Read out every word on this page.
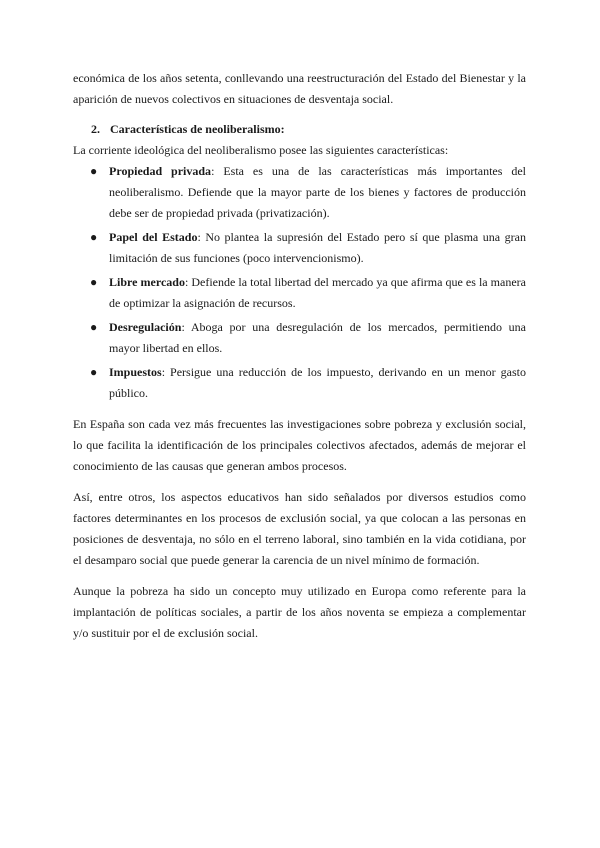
económica de los años setenta, conllevando una reestructuración del Estado del Bienestar y la aparición de nuevos colectivos en situaciones de desventaja social.

2. Características de neoliberalismo:

La corriente ideológica del neoliberalismo posee las siguientes características:

● Propiedad privada: Esta es una de las características más importantes del neoliberalismo. Defiende que la mayor parte de los bienes y factores de producción debe ser de propiedad privada (privatización).
● Papel del Estado: No plantea la supresión del Estado pero sí que plasma una gran limitación de sus funciones (poco intervencionismo).
● Libre mercado: Defiende la total libertad del mercado ya que afirma que es la manera de optimizar la asignación de recursos.
● Desregulación: Aboga por una desregulación de los mercados, permitiendo una mayor libertad en ellos.
● Impuestos: Persigue una reducción de los impuesto, derivando en un menor gasto público.

En España son cada vez más frecuentes las investigaciones sobre pobreza y exclusión social, lo que facilita la identificación de los principales colectivos afectados, además de mejorar el conocimiento de las causas que generan ambos procesos.

Así, entre otros, los aspectos educativos han sido señalados por diversos estudios como factores determinantes en los procesos de exclusión social, ya que colocan a las personas en posiciones de desventaja, no sólo en el terreno laboral, sino también en la vida cotidiana, por el desamparo social que puede generar la carencia de un nivel mínimo de formación.

Aunque la pobreza ha sido un concepto muy utilizado en Europa como referente para la implantación de políticas sociales, a partir de los años noventa se empieza a complementar y/o sustituir por el de exclusión social.
